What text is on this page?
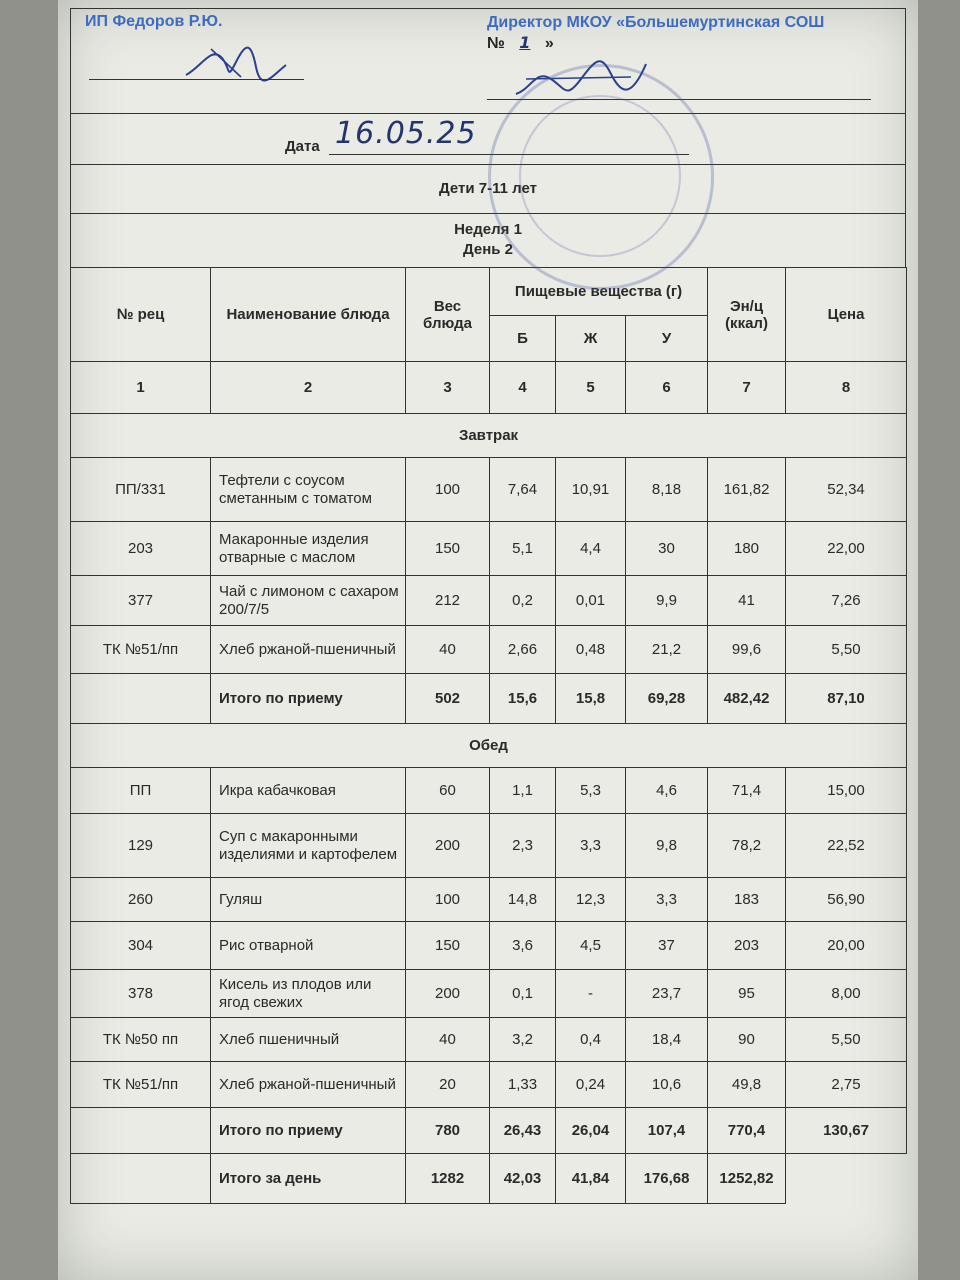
ИП Федоров Р.Ю.	Директор МКОУ «Большемуртинская СОШ
№ 1 »
Дата 16.05.25
Дети 7-11 лет
Неделя 1
День 2
№ рец	Наименование блюда	Вес блюда	Пищевые вещества (г)			Эн/ц (ккал)	Цена
			Б	Ж	У		
1	2	3	4	5	6	7	8
Завтрак							
ПП/331	Тефтели с соусом сметанным с томатом	100	7,64	10,91	8,18	161,82	52,34
203	Макаронные изделия отварные с маслом	150	5,1	4,4	30	180	22,00
377	Чай с лимоном с сахаром 200/7/5	212	0,2	0,01	9,9	41	7,26
ТК №51/пп	Хлеб ржаной-пшеничный	40	2,66	0,48	21,2	99,6	5,50
	Итого по приему	502	15,6	15,8	69,28	482,42	87,10
Обед							
ПП	Икра кабачковая	60	1,1	5,3	4,6	71,4	15,00
129	Суп с макаронными изделиями и картофелем	200	2,3	3,3	9,8	78,2	22,52
260	Гуляш	100	14,8	12,3	3,3	183	56,90
304	Рис отварной	150	3,6	4,5	37	203	20,00
378	Кисель из плодов или ягод свежих	200	0,1	-	23,7	95	8,00
ТК №50 пп	Хлеб пшеничный	40	3,2	0,4	18,4	90	5,50
ТК №51/пп	Хлеб ржаной-пшеничный	20	1,33	0,24	10,6	49,8	2,75
	Итого по приему	780	26,43	26,04	107,4	770,4	130,67
	Итого за день	1282	42,03	41,84	176,68	1252,82	
